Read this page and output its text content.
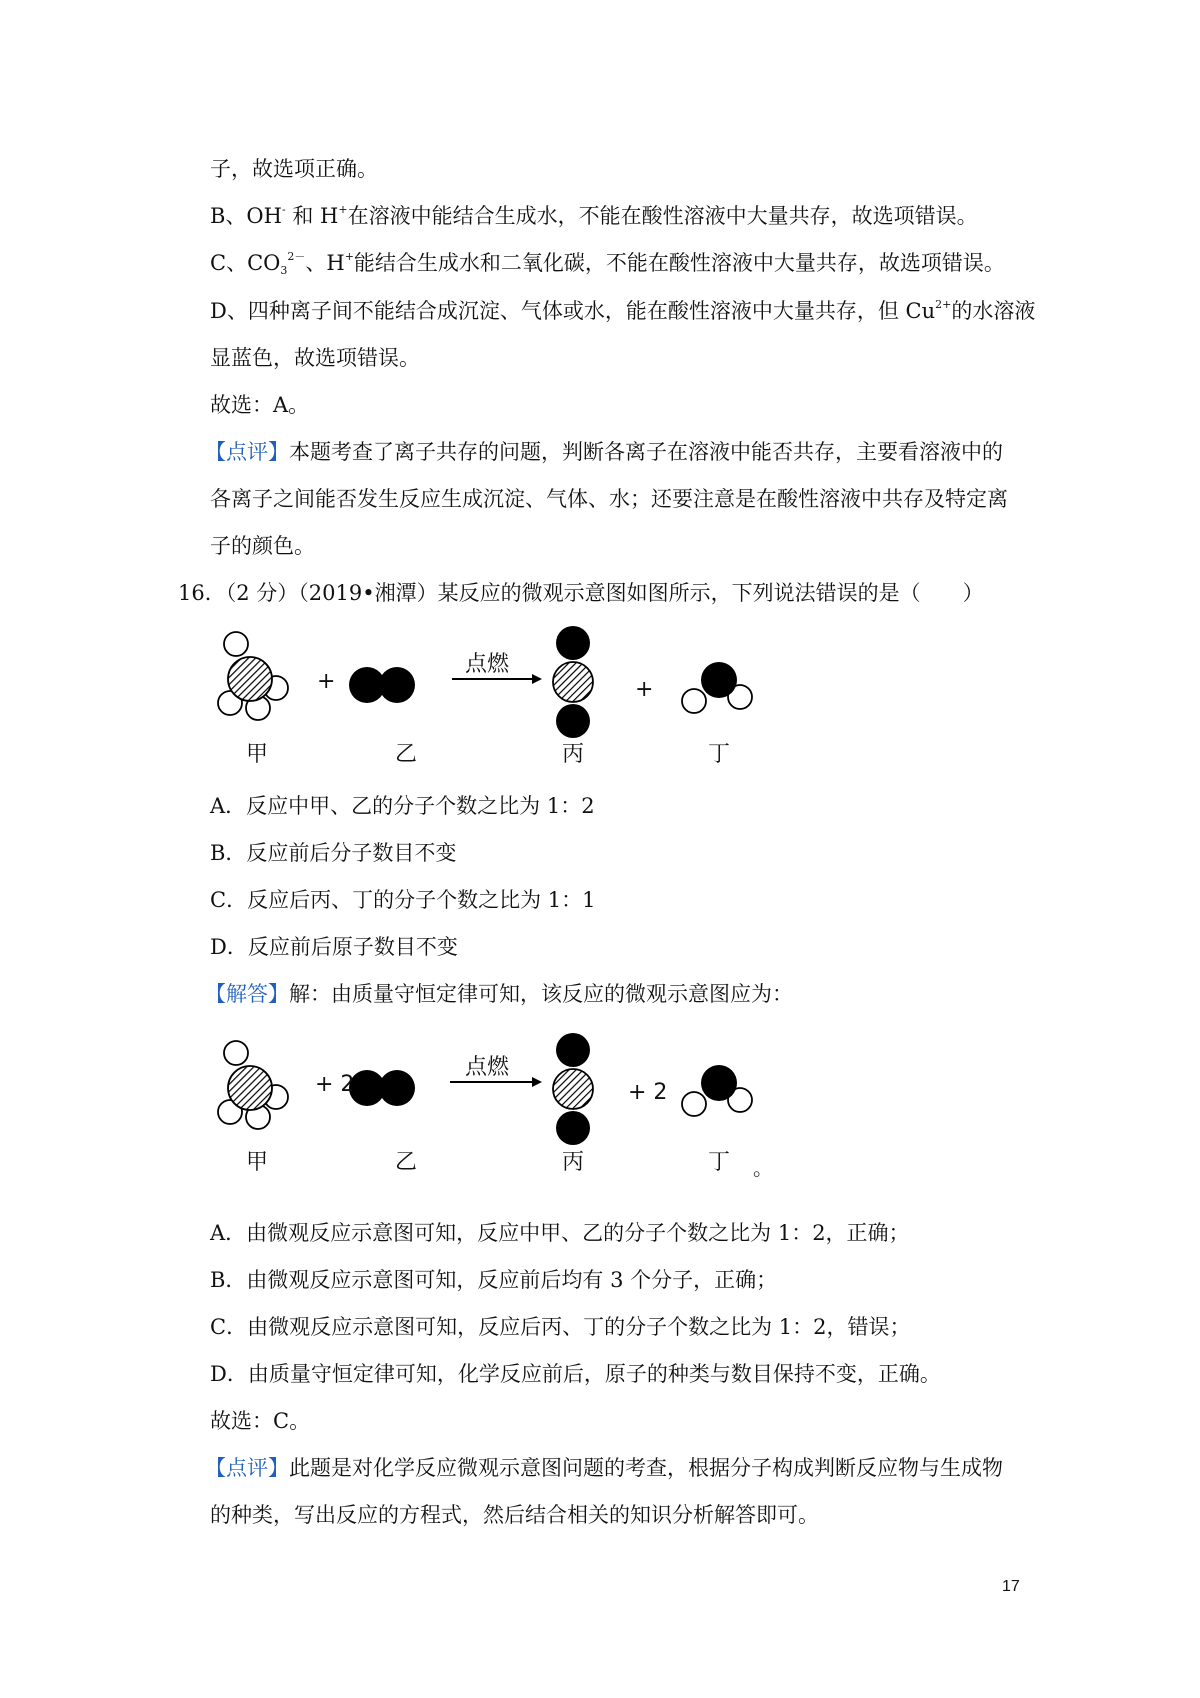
子，故选项正确。
B、OH- 和 H+在溶液中能结合生成水，不能在酸性溶液中大量共存，故选项错误。
C、$CO_3^{2-}$、H+能结合生成水和二氧化碳，不能在酸性溶液中大量共存，故选项错误。
D、四种离子间不能结合成沉淀、气体或水，能在酸性溶液中大量共存，但 $Cu^{2+}$的水溶液
显蓝色，故选项错误。
故选：A。
【点评】本题考查了离子共存的问题，判断各离子在溶液中能否共存，主要看溶液中的
各离子之间能否发生反应生成沉淀、气体、水；还要注意是在酸性溶液中共存及特定离
子的颜色。
16．（2 分）（2019•湘潭）某反应的微观示意图如图所示，下列说法错误的是（　　）
+
点燃
+
甲	乙	丙	丁
A．反应中甲、乙的分子个数之比为 1：2
B．反应前后分子数目不变
C．反应后丙、丁的分子个数之比为 1：1
D．反应前后原子数目不变
【解答】解：由质量守恒定律可知，该反应的微观示意图应为：
+ 2
点燃
+ 2
甲	乙	丙	丁 。
A．由微观反应示意图可知，反应中甲、乙的分子个数之比为 1：2，正确；
B．由微观反应示意图可知，反应前后均有 3 个分子，正确；
C．由微观反应示意图可知，反应后丙、丁的分子个数之比为 1：2，错误；
D．由质量守恒定律可知，化学反应前后，原子的种类与数目保持不变，正确。
故选：C。
【点评】此题是对化学反应微观示意图问题的考查，根据分子构成判断反应物与生成物
的种类，写出反应的方程式，然后结合相关的知识分析解答即可。
17
